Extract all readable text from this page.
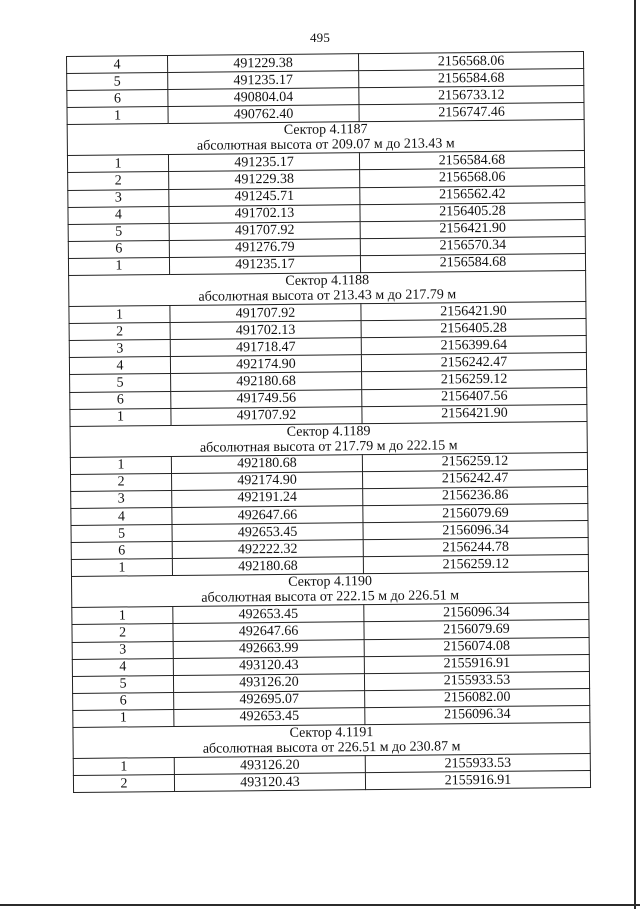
495
4	491229.38	2156568.06
5	491235.17	2156584.68
6	490804.04	2156733.12
1	490762.40	2156747.46
Сектор 4.1187		
абсолютная высота от 209.07 м до 213.43 м		
1	491235.17	2156584.68
2	491229.38	2156568.06
3	491245.71	2156562.42
4	491702.13	2156405.28
5	491707.92	2156421.90
6	491276.79	2156570.34
1	491235.17	2156584.68
Сектор 4.1188		
абсолютная высота от 213.43 м до 217.79 м		
1	491707.92	2156421.90
2	491702.13	2156405.28
3	491718.47	2156399.64
4	492174.90	2156242.47
5	492180.68	2156259.12
6	491749.56	2156407.56
1	491707.92	2156421.90
Сектор 4.1189		
абсолютная высота от 217.79 м до 222.15 м		
1	492180.68	2156259.12
2	492174.90	2156242.47
3	492191.24	2156236.86
4	492647.66	2156079.69
5	492653.45	2156096.34
6	492222.32	2156244.78
1	492180.68	2156259.12
Сектор 4.1190		
абсолютная высота от 222.15 м до 226.51 м		
1	492653.45	2156096.34
2	492647.66	2156079.69
3	492663.99	2156074.08
4	493120.43	2155916.91
5	493126.20	2155933.53
6	492695.07	2156082.00
1	492653.45	2156096.34
Сектор 4.1191		
абсолютная высота от 226.51 м до 230.87 м		
1	493126.20	2155933.53
2	493120.43	2155916.91
